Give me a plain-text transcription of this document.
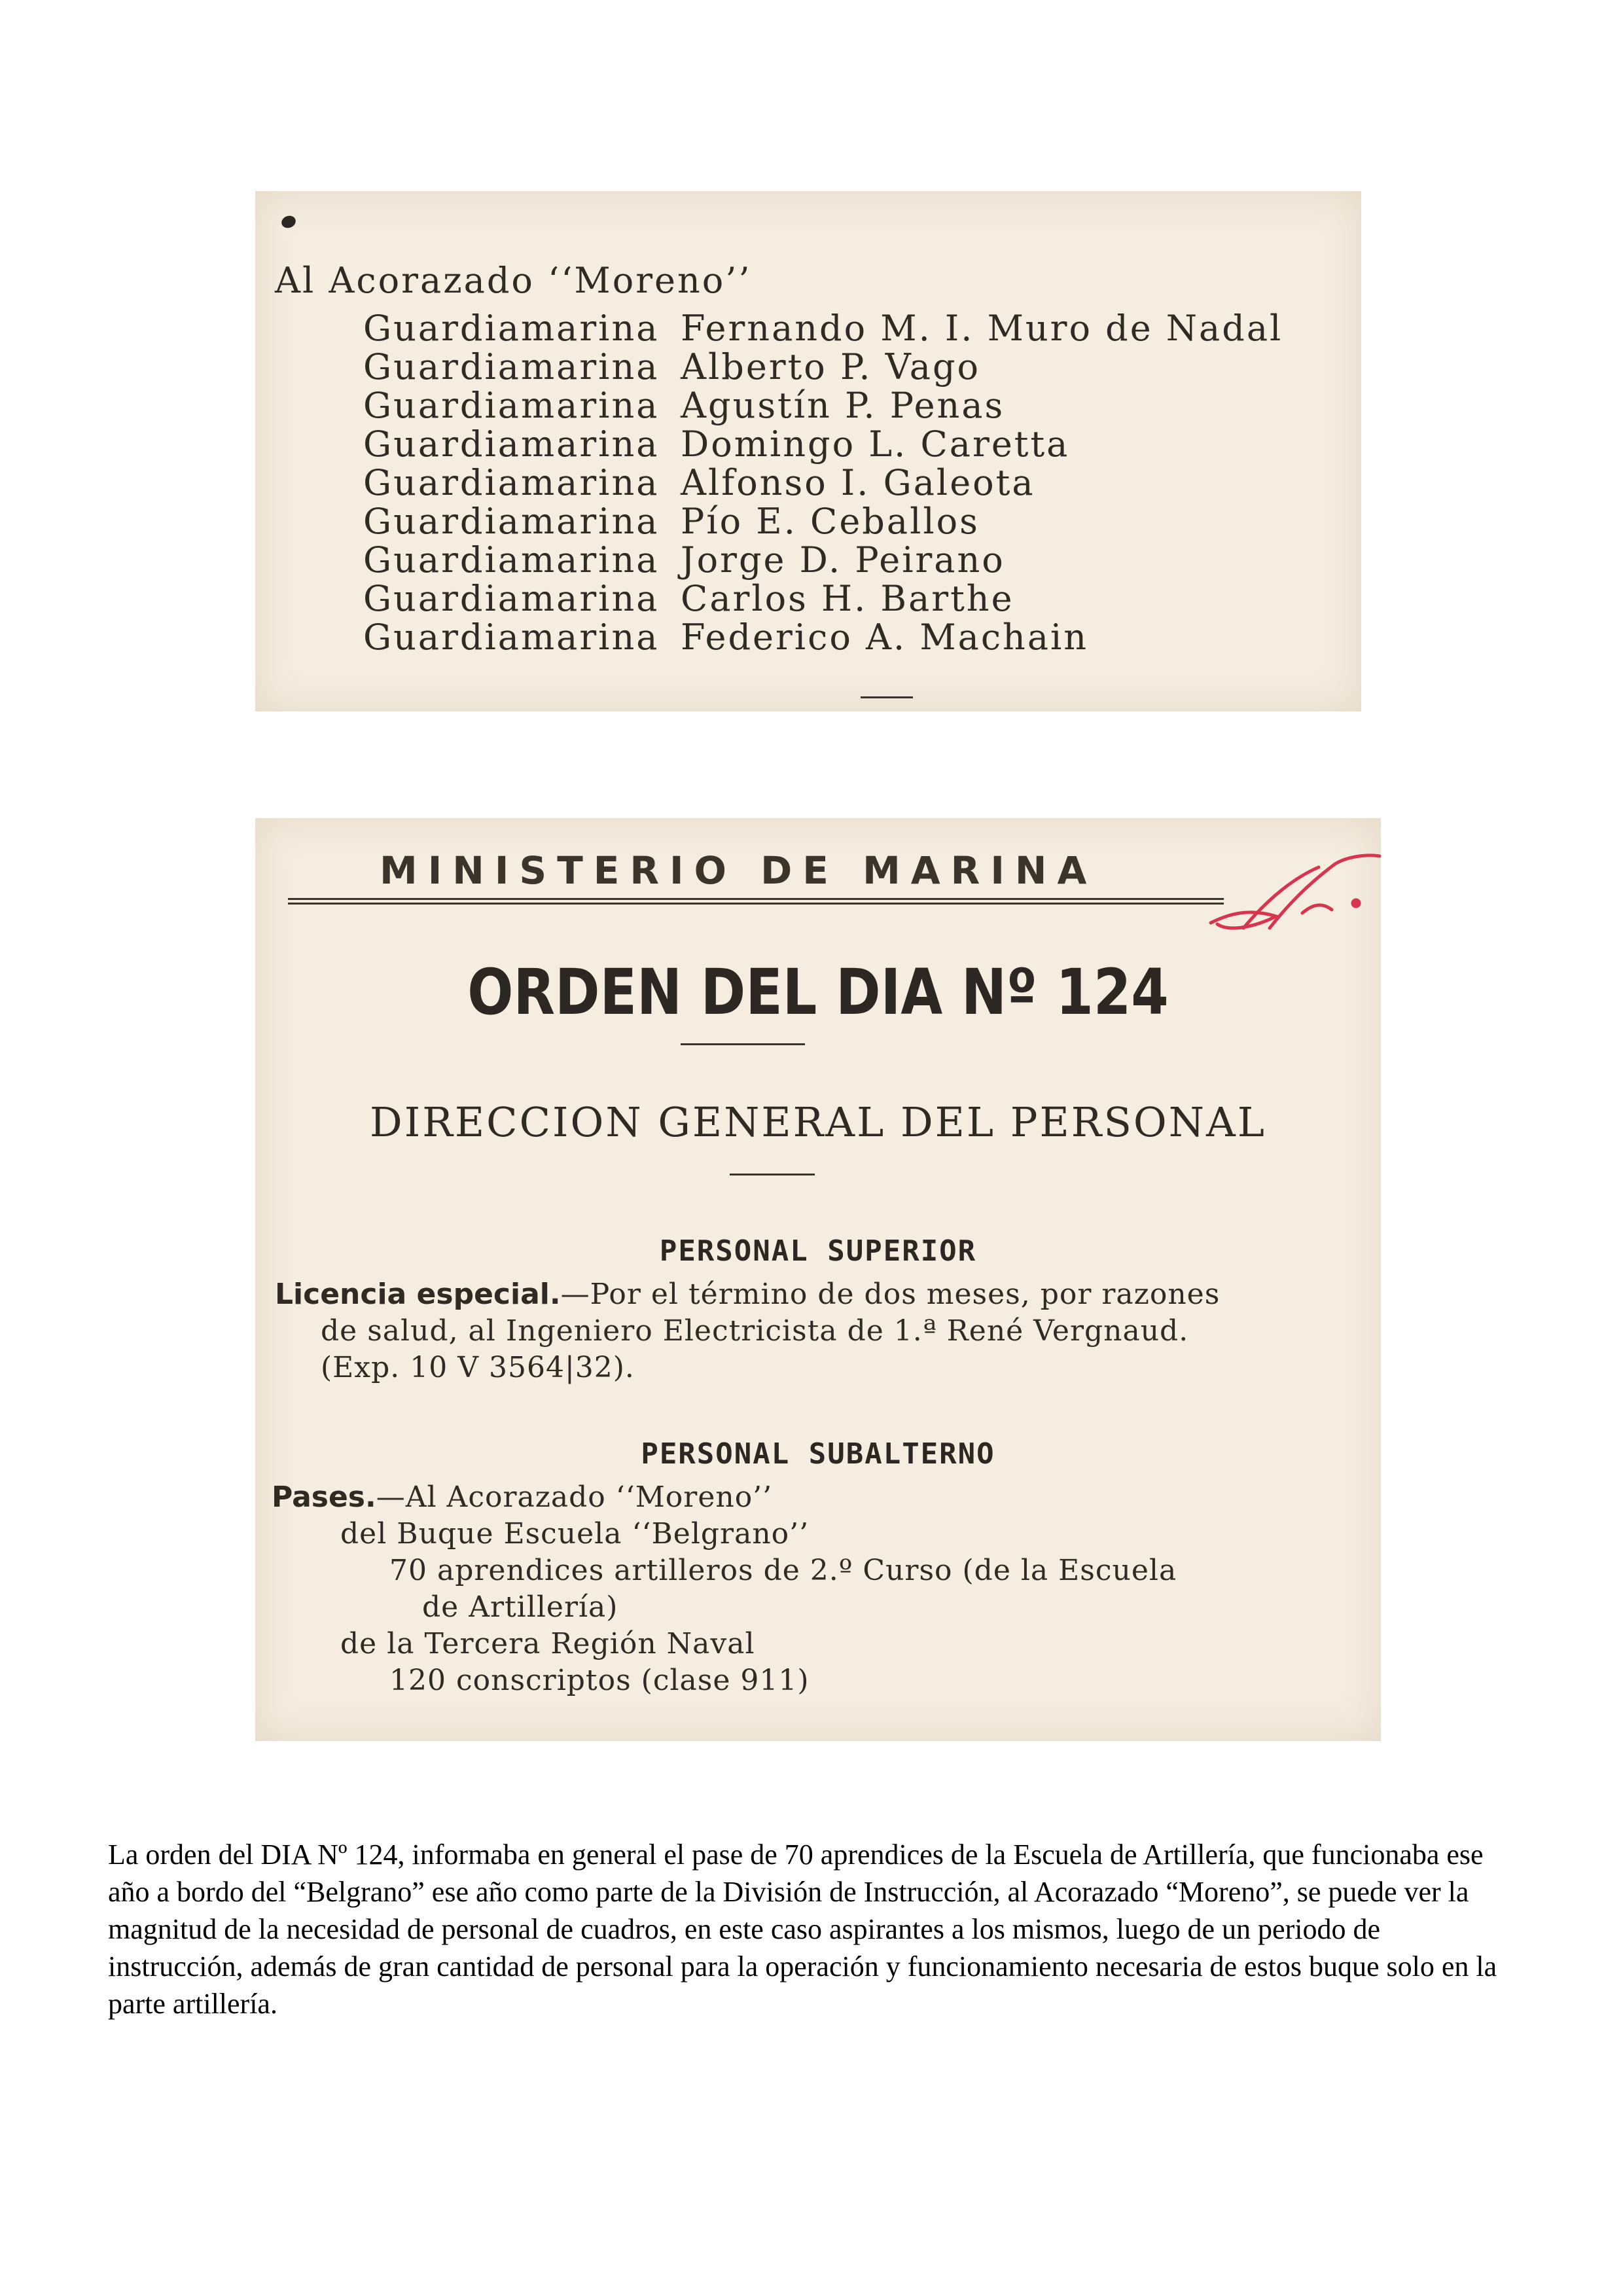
Al Acorazado ‘‘Moreno’’
Guardiamarina Fernando M. I. Muro de Nadal
Guardiamarina Alberto P. Vago
Guardiamarina Agustín P. Penas
Guardiamarina Domingo L. Caretta
Guardiamarina Alfonso I. Galeota
Guardiamarina Pío E. Ceballos
Guardiamarina Jorge D. Peirano
Guardiamarina Carlos H. Barthe
Guardiamarina Federico A. Machain
MINISTERIO DE MARINA
ORDEN DEL DIA Nº 124
DIRECCION GENERAL DEL PERSONAL
PERSONAL SUPERIOR
Licencia especial.—Por el término de dos meses, por razones
de salud, al Ingeniero Electricista de 1.ª René Vergnaud.
(Exp. 10 V 3564|32).
PERSONAL SUBALTERNO
Pases.—Al Acorazado ‘‘Moreno’’
del Buque Escuela ‘‘Belgrano’’
70 aprendices artilleros de 2.º Curso (de la Escuela
de Artillería)
de la Tercera Región Naval
120 conscriptos (clase 911)

La orden del DIA Nº 124, informaba en general el pase de 70 aprendices de la Escuela de Artillería, que funcionaba ese año a bordo del “Belgrano” ese año como parte de la División de Instrucción, al Acorazado “Moreno”, se puede ver la magnitud de la necesidad de personal de cuadros, en este caso aspirantes a los mismos, luego de un periodo de instrucción, además de gran cantidad de personal para la operación y funcionamiento necesaria de estos buque solo en la parte artillería.
